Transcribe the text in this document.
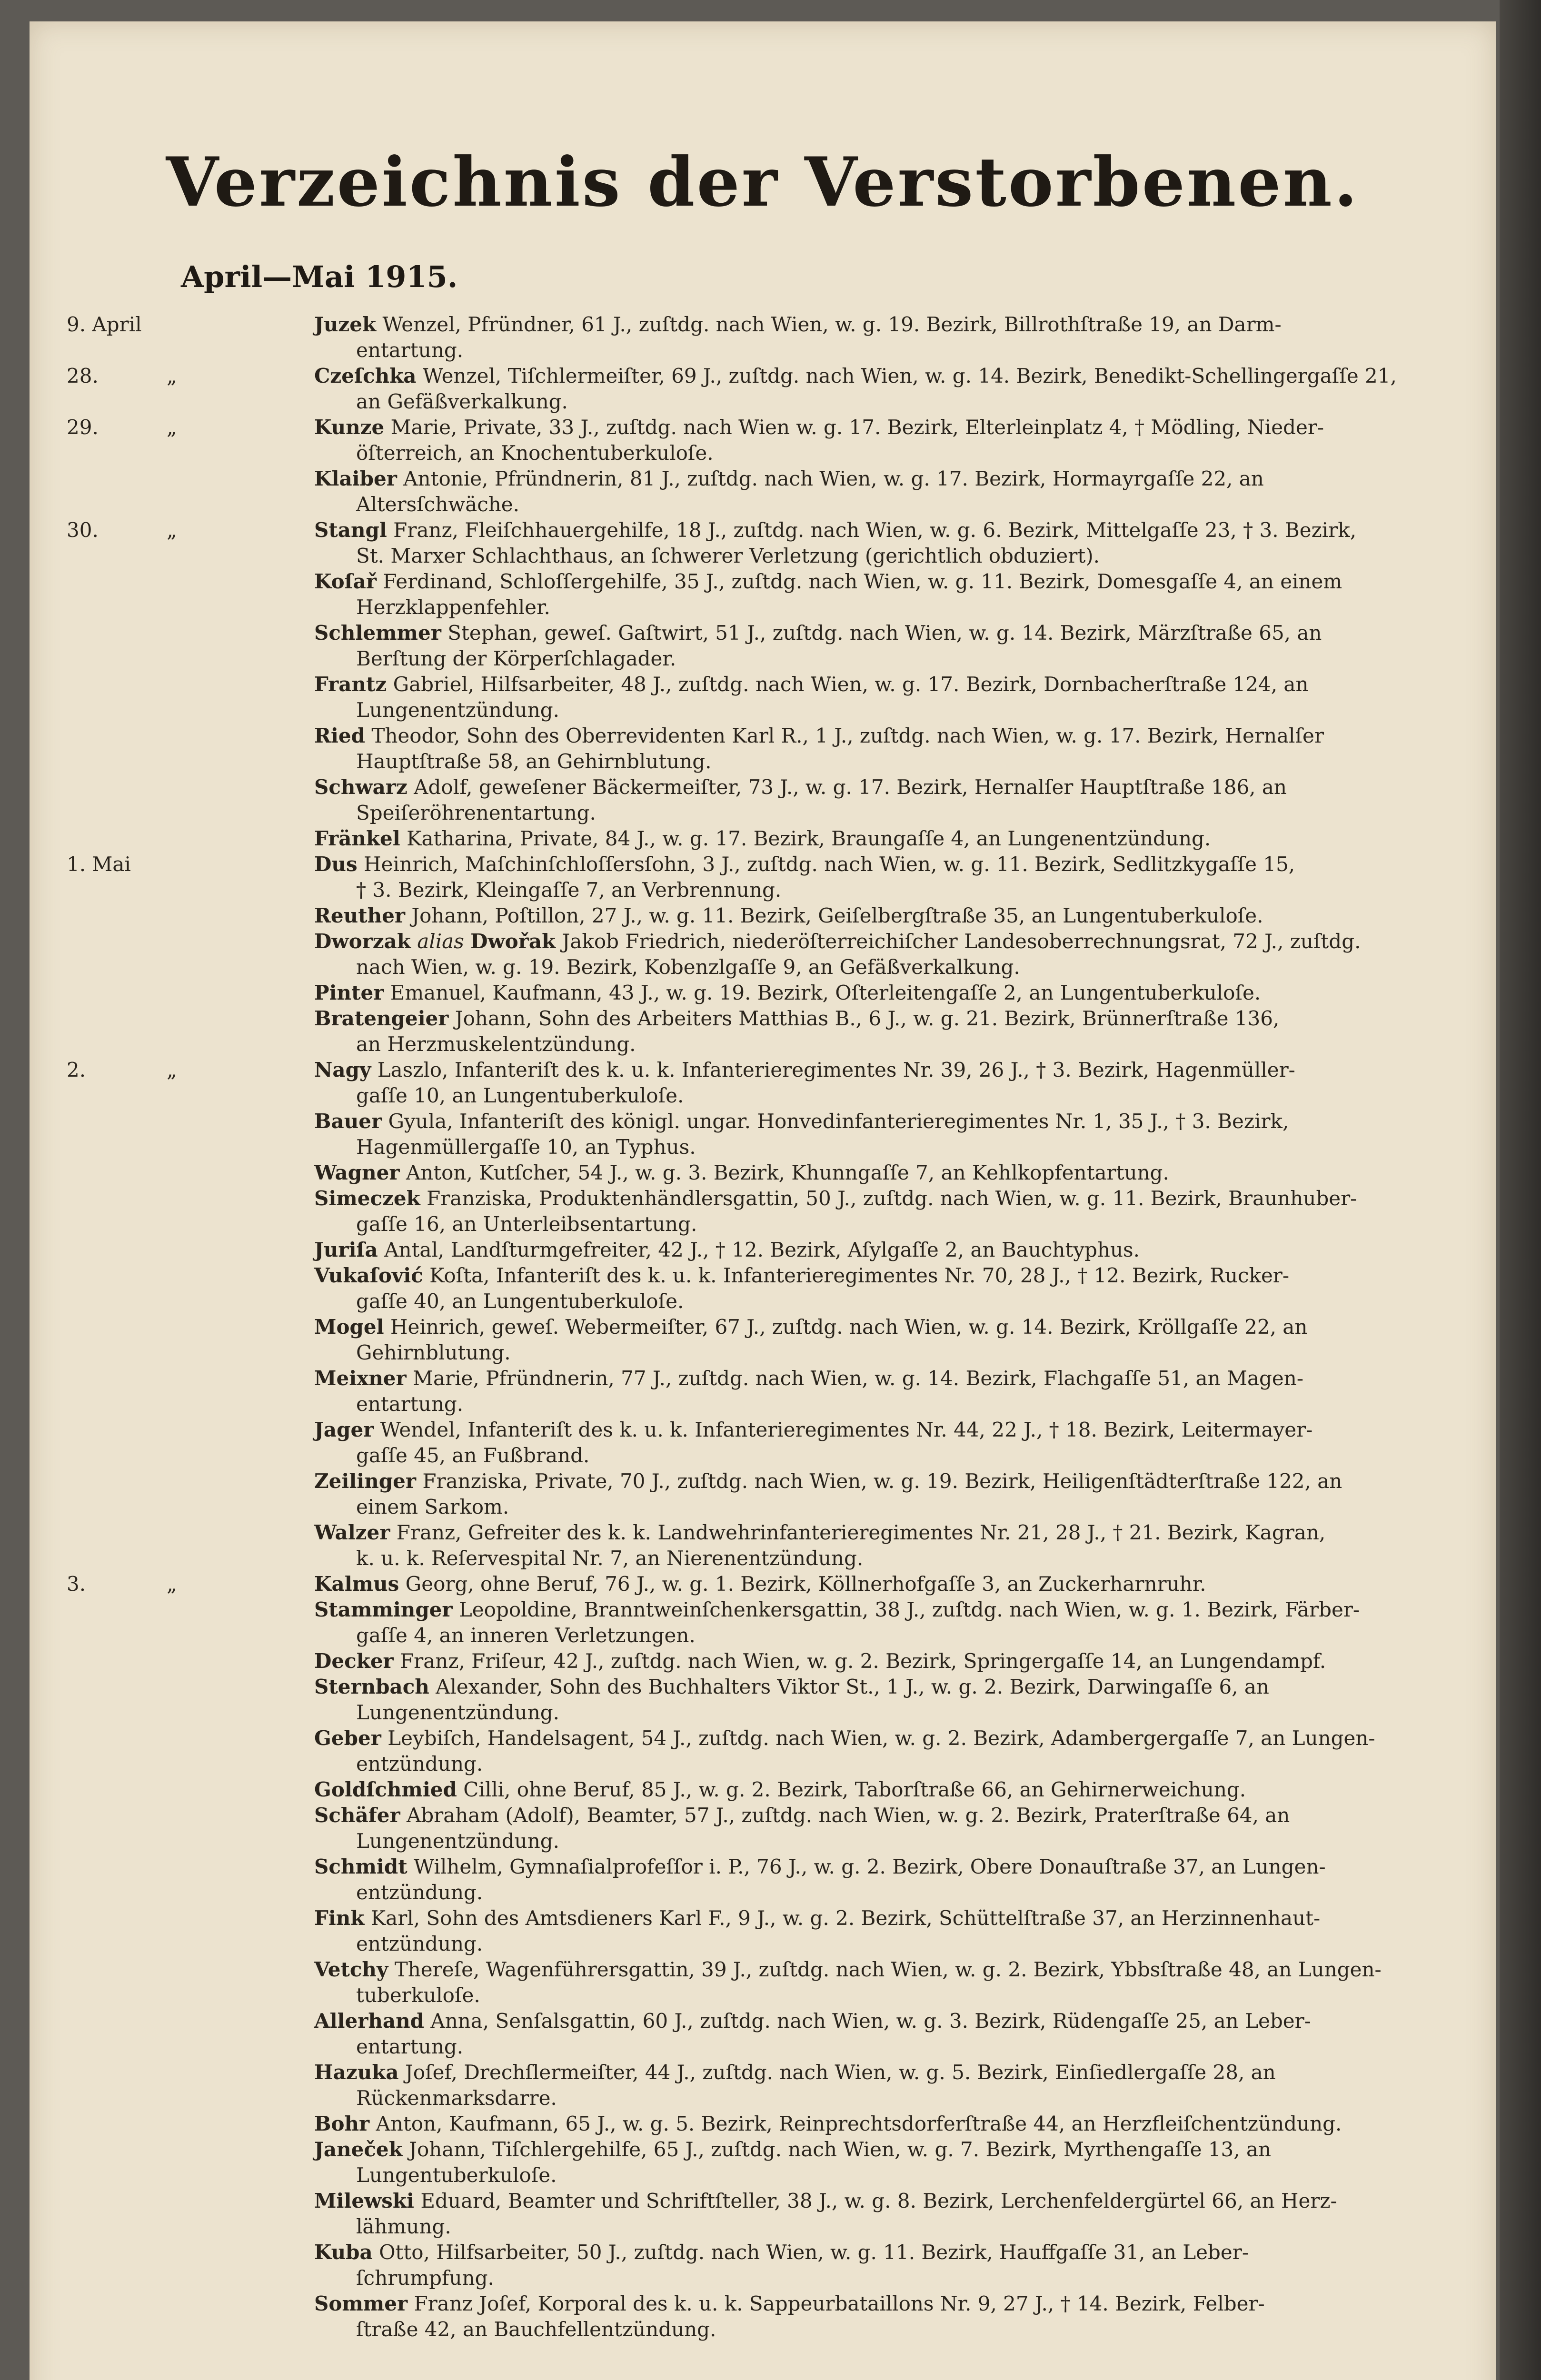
Verzeichnis der Verstorbenen.
April—Mai 1915.
9. April	Juzek Wenzel, Pfründner, 61 J., zuſtdg. nach Wien, w. g. 19. Bezirk, Billrothſtraße 19, an Darm-
entartung.
28.	„	Czeſchka Wenzel, Tiſchlermeiſter, 69 J., zuſtdg. nach Wien, w. g. 14. Bezirk, Benedikt-Schellingergaſſe 21,
an Gefäßverkalkung.
29.	„	Kunze Marie, Private, 33 J., zuſtdg. nach Wien w. g. 17. Bezirk, Elterleinplatz 4, † Mödling, Nieder-
öſterreich, an Knochentuberkuloſe.
Klaiber Antonie, Pfründnerin, 81 J., zuſtdg. nach Wien, w. g. 17. Bezirk, Hormayrgaſſe 22, an
Altersſchwäche.
30.	„	Stangl Franz, Fleiſchhauergehilfe, 18 J., zuſtdg. nach Wien, w. g. 6. Bezirk, Mittelgaſſe 23, † 3. Bezirk,
St. Marxer Schlachthaus, an ſchwerer Verletzung (gerichtlich obduziert).
Koſař Ferdinand, Schloſſergehilfe, 35 J., zuſtdg. nach Wien, w. g. 11. Bezirk, Domesgaſſe 4, an einem
Herzklappenfehler.
Schlemmer Stephan, geweſ. Gaſtwirt, 51 J., zuſtdg. nach Wien, w. g. 14. Bezirk, Märzſtraße 65, an
Berſtung der Körperſchlagader.
Frantz Gabriel, Hilfsarbeiter, 48 J., zuſtdg. nach Wien, w. g. 17. Bezirk, Dornbacherſtraße 124, an
Lungenentzündung.
Ried Theodor, Sohn des Oberrevidenten Karl R., 1 J., zuſtdg. nach Wien, w. g. 17. Bezirk, Hernalſer
Hauptſtraße 58, an Gehirnblutung.
Schwarz Adolf, geweſener Bäckermeiſter, 73 J., w. g. 17. Bezirk, Hernalſer Hauptſtraße 186, an
Speiſeröhrenentartung.
Fränkel Katharina, Private, 84 J., w. g. 17. Bezirk, Braungaſſe 4, an Lungenentzündung.
1. Mai	Dus Heinrich, Maſchinſchloſſersſohn, 3 J., zuſtdg. nach Wien, w. g. 11. Bezirk, Sedlitzkygaſſe 15,
† 3. Bezirk, Kleingaſſe 7, an Verbrennung.
Reuther Johann, Poſtillon, 27 J., w. g. 11. Bezirk, Geiſelbergſtraße 35, an Lungentuberkuloſe.
Dworzak alias Dwořak Jakob Friedrich, niederöſterreichiſcher Landesoberrechnungsrat, 72 J., zuſtdg.
nach Wien, w. g. 19. Bezirk, Kobenzlgaſſe 9, an Gefäßverkalkung.
Pinter Emanuel, Kaufmann, 43 J., w. g. 19. Bezirk, Oſterleitengaſſe 2, an Lungentuberkuloſe.
Bratengeier Johann, Sohn des Arbeiters Matthias B., 6 J., w. g. 21. Bezirk, Brünnerſtraße 136,
an Herzmuskelentzündung.
2.	„	Nagy Laszlo, Infanteriſt des k. u. k. Infanterieregimentes Nr. 39, 26 J., † 3. Bezirk, Hagenmüller-
gaſſe 10, an Lungentuberkuloſe.
Bauer Gyula, Infanteriſt des königl. ungar. Honvedinfanterieregimentes Nr. 1, 35 J., † 3. Bezirk,
Hagenmüllergaſſe 10, an Typhus.
Wagner Anton, Kutſcher, 54 J., w. g. 3. Bezirk, Khunngaſſe 7, an Kehlkopfentartung.
Simeczek Franziska, Produktenhändlersgattin, 50 J., zuſtdg. nach Wien, w. g. 11. Bezirk, Braunhuber-
gaſſe 16, an Unterleibsentartung.
Juriſa Antal, Landſturmgefreiter, 42 J., † 12. Bezirk, Aſylgaſſe 2, an Bauchtyphus.
Vukaſović Koſta, Infanteriſt des k. u. k. Infanterieregimentes Nr. 70, 28 J., † 12. Bezirk, Rucker-
gaſſe 40, an Lungentuberkuloſe.
Mogel Heinrich, geweſ. Webermeiſter, 67 J., zuſtdg. nach Wien, w. g. 14. Bezirk, Kröllgaſſe 22, an
Gehirnblutung.
Meixner Marie, Pfründnerin, 77 J., zuſtdg. nach Wien, w. g. 14. Bezirk, Flachgaſſe 51, an Magen-
entartung.
Jager Wendel, Infanteriſt des k. u. k. Infanterieregimentes Nr. 44, 22 J., † 18. Bezirk, Leitermayer-
gaſſe 45, an Fußbrand.
Zeilinger Franziska, Private, 70 J., zuſtdg. nach Wien, w. g. 19. Bezirk, Heiligenſtädterſtraße 122, an
einem Sarkom.
Walzer Franz, Gefreiter des k. k. Landwehrinfanterieregimentes Nr. 21, 28 J., † 21. Bezirk, Kagran,
k. u. k. Reſervespital Nr. 7, an Nierenentzündung.
3.	„	Kalmus Georg, ohne Beruf, 76 J., w. g. 1. Bezirk, Köllnerhofgaſſe 3, an Zuckerharnruhr.
Stamminger Leopoldine, Branntweinſchenkersgattin, 38 J., zuſtdg. nach Wien, w. g. 1. Bezirk, Färber-
gaſſe 4, an inneren Verletzungen.
Decker Franz, Friſeur, 42 J., zuſtdg. nach Wien, w. g. 2. Bezirk, Springergaſſe 14, an Lungendampf.
Sternbach Alexander, Sohn des Buchhalters Viktor St., 1 J., w. g. 2. Bezirk, Darwingaſſe 6, an
Lungenentzündung.
Geber Leybiſch, Handelsagent, 54 J., zuſtdg. nach Wien, w. g. 2. Bezirk, Adambergergaſſe 7, an Lungen-
entzündung.
Goldſchmied Cilli, ohne Beruf, 85 J., w. g. 2. Bezirk, Taborſtraße 66, an Gehirnerweichung.
Schäfer Abraham (Adolf), Beamter, 57 J., zuſtdg. nach Wien, w. g. 2. Bezirk, Praterſtraße 64, an
Lungenentzündung.
Schmidt Wilhelm, Gymnaſialprofeſſor i. P., 76 J., w. g. 2. Bezirk, Obere Donauſtraße 37, an Lungen-
entzündung.
Fink Karl, Sohn des Amtsdieners Karl F., 9 J., w. g. 2. Bezirk, Schüttelſtraße 37, an Herzinnenhaut-
entzündung.
Vetchy Thereſe, Wagenführersgattin, 39 J., zuſtdg. nach Wien, w. g. 2. Bezirk, Ybbsſtraße 48, an Lungen-
tuberkuloſe.
Allerhand Anna, Senſalsgattin, 60 J., zuſtdg. nach Wien, w. g. 3. Bezirk, Rüdengaſſe 25, an Leber-
entartung.
Hazuka Joſef, Drechſlermeiſter, 44 J., zuſtdg. nach Wien, w. g. 5. Bezirk, Einſiedlergaſſe 28, an
Rückenmarksdarre.
Bohr Anton, Kaufmann, 65 J., w. g. 5. Bezirk, Reinprechtsdorferſtraße 44, an Herzfleiſchentzündung.
Janeček Johann, Tiſchlergehilfe, 65 J., zuſtdg. nach Wien, w. g. 7. Bezirk, Myrthengaſſe 13, an
Lungentuberkuloſe.
Milewski Eduard, Beamter und Schriftſteller, 38 J., w. g. 8. Bezirk, Lerchenfeldergürtel 66, an Herz-
lähmung.
Kuba Otto, Hilfsarbeiter, 50 J., zuſtdg. nach Wien, w. g. 11. Bezirk, Hauffgaſſe 31, an Leber-
ſchrumpfung.
Sommer Franz Joſef, Korporal des k. u. k. Sappeurbataillons Nr. 9, 27 J., † 14. Bezirk, Felber-
ſtraße 42, an Bauchfellentzündung.
